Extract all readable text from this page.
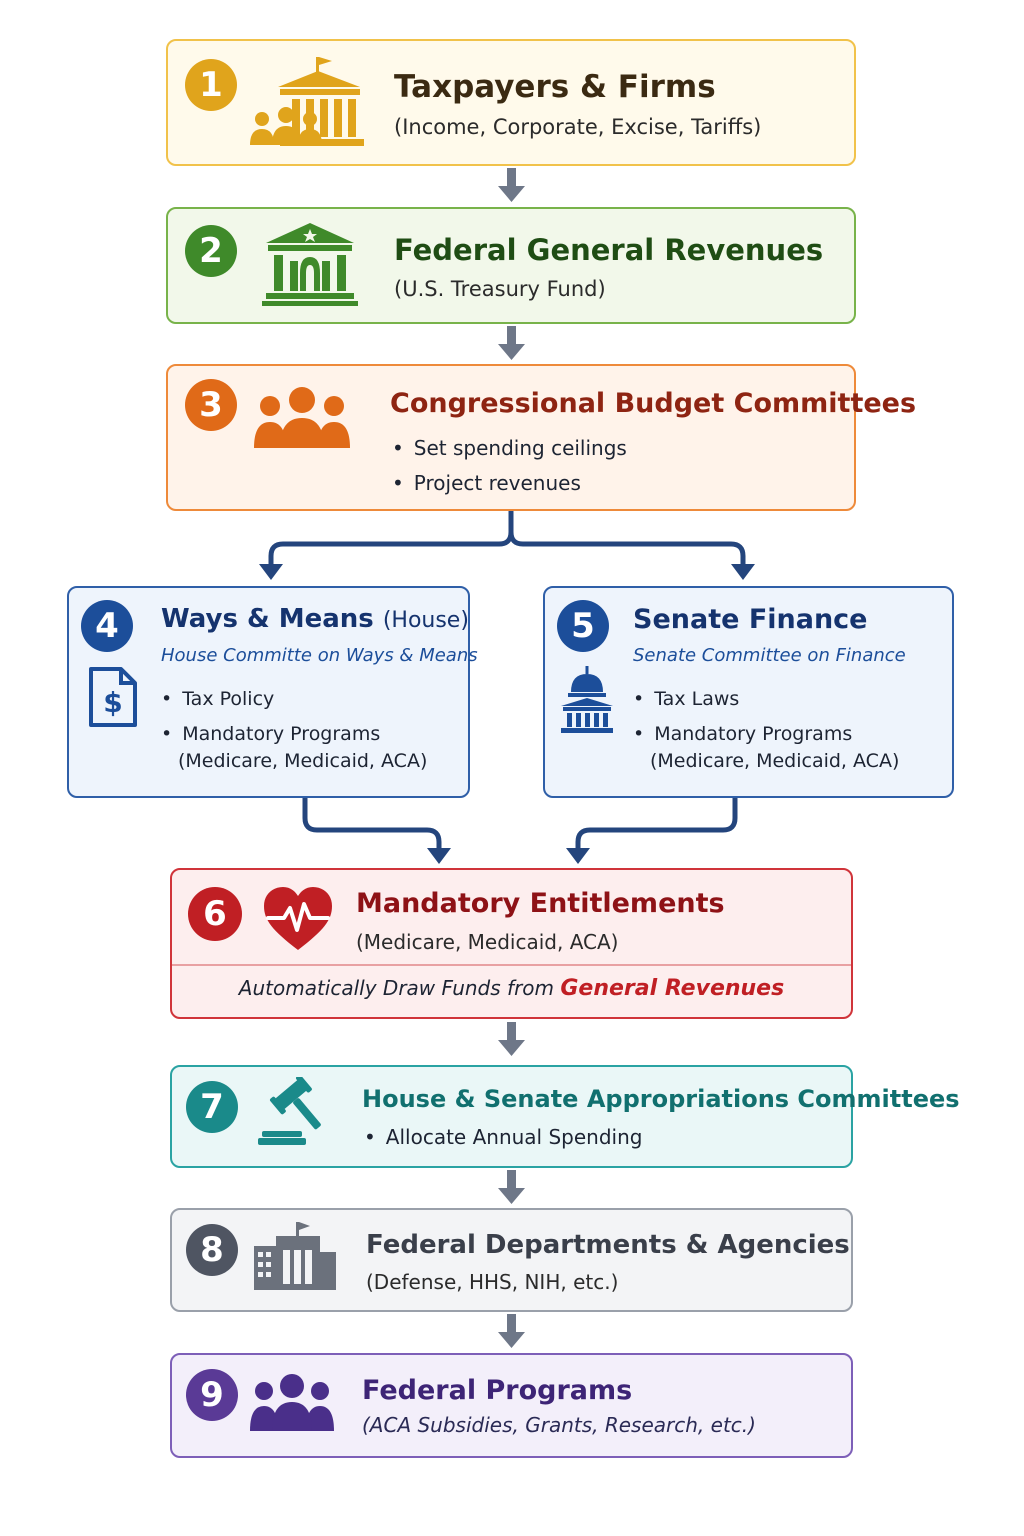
1	Taxpayers & Firms
(Income, Corporate, Excise, Tariffs)
2	Federal General Revenues
(U.S. Treasury Fund)
3	Congressional Budget Committees
• Set spending ceilings
• Project revenues
4	Ways & Means (House)
House Committe on Ways & Means
$
•	Tax Policy
• Mandatory Programs
(Medicare, Medicaid, ACA)
5	Senate Finance
Senate Committee on Finance
• Tax Laws
• Mandatory Programs
(Medicare, Medicaid, ACA)
6	Mandatory Entitlements
(Medicare, Medicaid, ACA)
Automatically Draw Funds from General Revenues
7	House & Senate Appropriations Committees
• Allocate Annual Spending
8	Federal Departments & Agencies
(Defense, HHS, NIH, etc.)
9	Federal Programs
(ACA Subsidies, Grants, Research, etc.)
